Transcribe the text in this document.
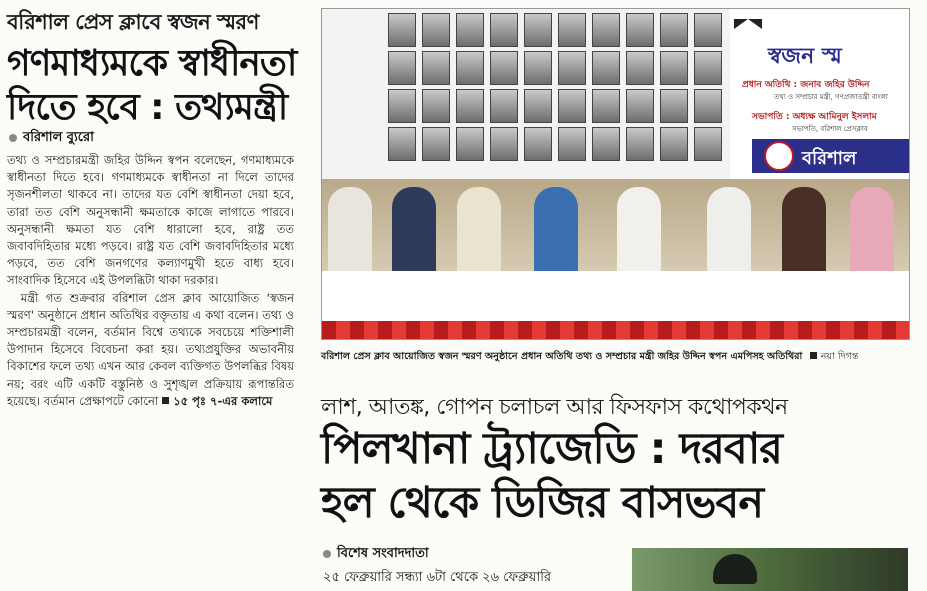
বরিশাল প্রেস ক্লাবে স্বজন স্মরণ
গণমাধ্যমকে স্বাধীনতা
দিতে হবে : তথ্যমন্ত্রী
বরিশাল ব্যুরো

তথ্য ও সম্প্রচারমন্ত্রী জহির উদ্দিন স্বপন বলেছেন, গণমাধ্যমকে স্বাধীনতা দিতে হবে। গণমাধ্যমকে স্বাধীনতা না দিলে তাদের সৃজনশীলতা থাকবে না। তাদের যত বেশি স্বাধীনতা দেয়া হবে, তারা তত বেশি অনুসন্ধানী ক্ষমতাকে কাজে লাগাতে পারবে। অনুসন্ধানী ক্ষমতা যত বেশি ধারালো হবে, রাষ্ট্র তত জবাবদিহিতার মধ্যে পড়বে। রাষ্ট্র যত বেশি জবাবদিহিতার মধ্যে পড়বে, তত বেশি জনগণের কল্যাণমুখী হতে বাধ্য হবে। সাংবাদিক হিসেবে এই উপলব্ধিটা থাকা দরকার।

মন্ত্রী গত শুক্রবার বরিশাল প্রেস ক্লাব আয়োজিত 'স্বজন স্মরণ' অনুষ্ঠানে প্রধান অতিথির বক্তৃতায় এ কথা বলেন। তথ্য ও সম্প্রচারমন্ত্রী বলেন, বর্তমান বিশ্বে তথ্যকে সবচেয়ে শক্তিশালী উপাদান হিসেবে বিবেচনা করা হয়। তথ্যপ্রযুক্তির অভাবনীয় বিকাশের ফলে তথ্য এখন আর কেবল ব্যক্তিগত উপলব্ধির বিষয় নয়; বরং এটি একটি বস্তুনিষ্ঠ ও সুশৃঙ্খল প্রক্রিয়ায় রূপান্তরিত হয়েছে। বর্তমান প্রেক্ষাপটে কোনো ১৫ পৃঃ ৭-এর কলামে

স্বজন স্ম
প্রধান অতিথি : জনাব জহির উদ্দিন
তথ্য ও সম্প্রচার মন্ত্রী, গণপ্রজাতন্ত্রী বাংলা
সভাপতি : অধ্যক্ষ আমিনুল ইসলাম
সভাপতি, বরিশাল প্রেসক্লাব
বরিশাল
বরিশাল প্রেস ক্লাব আয়োজিত স্বজন স্মরণ অনুষ্ঠানে প্রধান অতিথি তথ্য ও সম্প্রচার মন্ত্রী জহির উদ্দিন স্বপন এমপিসহ অতিথিরা নয়া দিগন্ত
লাশ, আতঙ্ক, গোপন চলাচল আর ফিসফাস কথোপকথন
পিলখানা ট্র্যাজেডি : দরবার
হল থেকে ডিজির বাসভবন
বিশেষ সংবাদদাতা
২৫ ফেব্রুয়ারি সন্ধ্যা ৬টা থেকে ২৬ ফেব্রুয়ারি
